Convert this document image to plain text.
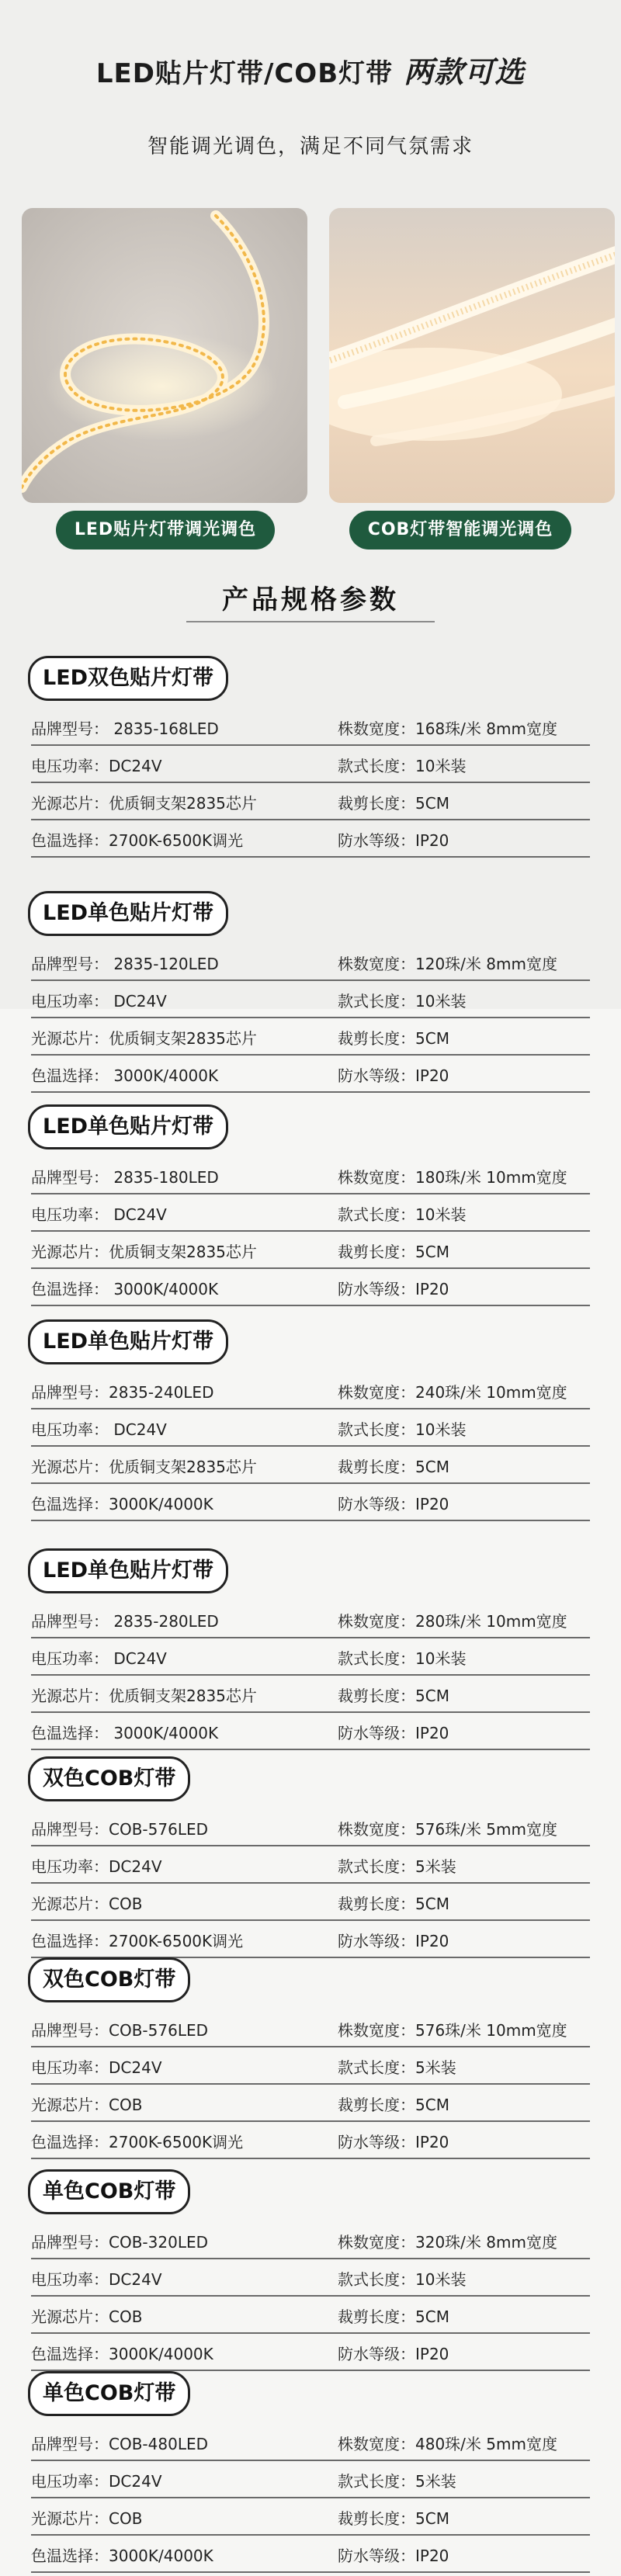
LED贴片灯带/COB灯带 两款可选
智能调光调色，满足不同气氛需求
LED贴片灯带调光调色	COB灯带智能调光调色
产品规格参数
LED双色贴片灯带
品牌型号： 2835-168LED	株数宽度：168珠/米 8mm宽度
电压功率：DC24V	款式长度：10米装
光源芯片：优质铜支架2835芯片	裁剪长度：5CM
色温选择：2700K-6500K调光	防水等级：IP20
LED单色贴片灯带
品牌型号： 2835-120LED	株数宽度：120珠/米 8mm宽度
电压功率： DC24V	款式长度：10米装
光源芯片：优质铜支架2835芯片	裁剪长度：5CM
色温选择： 3000K/4000K	防水等级：IP20
LED单色贴片灯带
品牌型号： 2835-180LED	株数宽度：180珠/米 10mm宽度
电压功率： DC24V	款式长度：10米装
光源芯片：优质铜支架2835芯片	裁剪长度：5CM
色温选择： 3000K/4000K	防水等级：IP20
LED单色贴片灯带
品牌型号：2835-240LED	株数宽度：240珠/米 10mm宽度
电压功率： DC24V	款式长度：10米装
光源芯片：优质铜支架2835芯片	裁剪长度：5CM
色温选择：3000K/4000K	防水等级：IP20
LED单色贴片灯带
品牌型号： 2835-280LED	株数宽度：280珠/米 10mm宽度
电压功率： DC24V	款式长度：10米装
光源芯片：优质铜支架2835芯片	裁剪长度：5CM
色温选择： 3000K/4000K	防水等级：IP20
双色COB灯带
品牌型号：COB-576LED	株数宽度：576珠/米 5mm宽度
电压功率：DC24V	款式长度：5米装
光源芯片：COB	裁剪长度：5CM
色温选择：2700K-6500K调光	防水等级：IP20
双色COB灯带
品牌型号：COB-576LED	株数宽度：576珠/米 10mm宽度
电压功率：DC24V	款式长度：5米装
光源芯片：COB	裁剪长度：5CM
色温选择：2700K-6500K调光	防水等级：IP20
单色COB灯带
品牌型号：COB-320LED	株数宽度：320珠/米 8mm宽度
电压功率：DC24V	款式长度：10米装
光源芯片：COB	裁剪长度：5CM
色温选择：3000K/4000K	防水等级：IP20
单色COB灯带
品牌型号：COB-480LED	株数宽度：480珠/米 5mm宽度
电压功率：DC24V	款式长度：5米装
光源芯片：COB	裁剪长度：5CM
色温选择：3000K/4000K	防水等级：IP20
